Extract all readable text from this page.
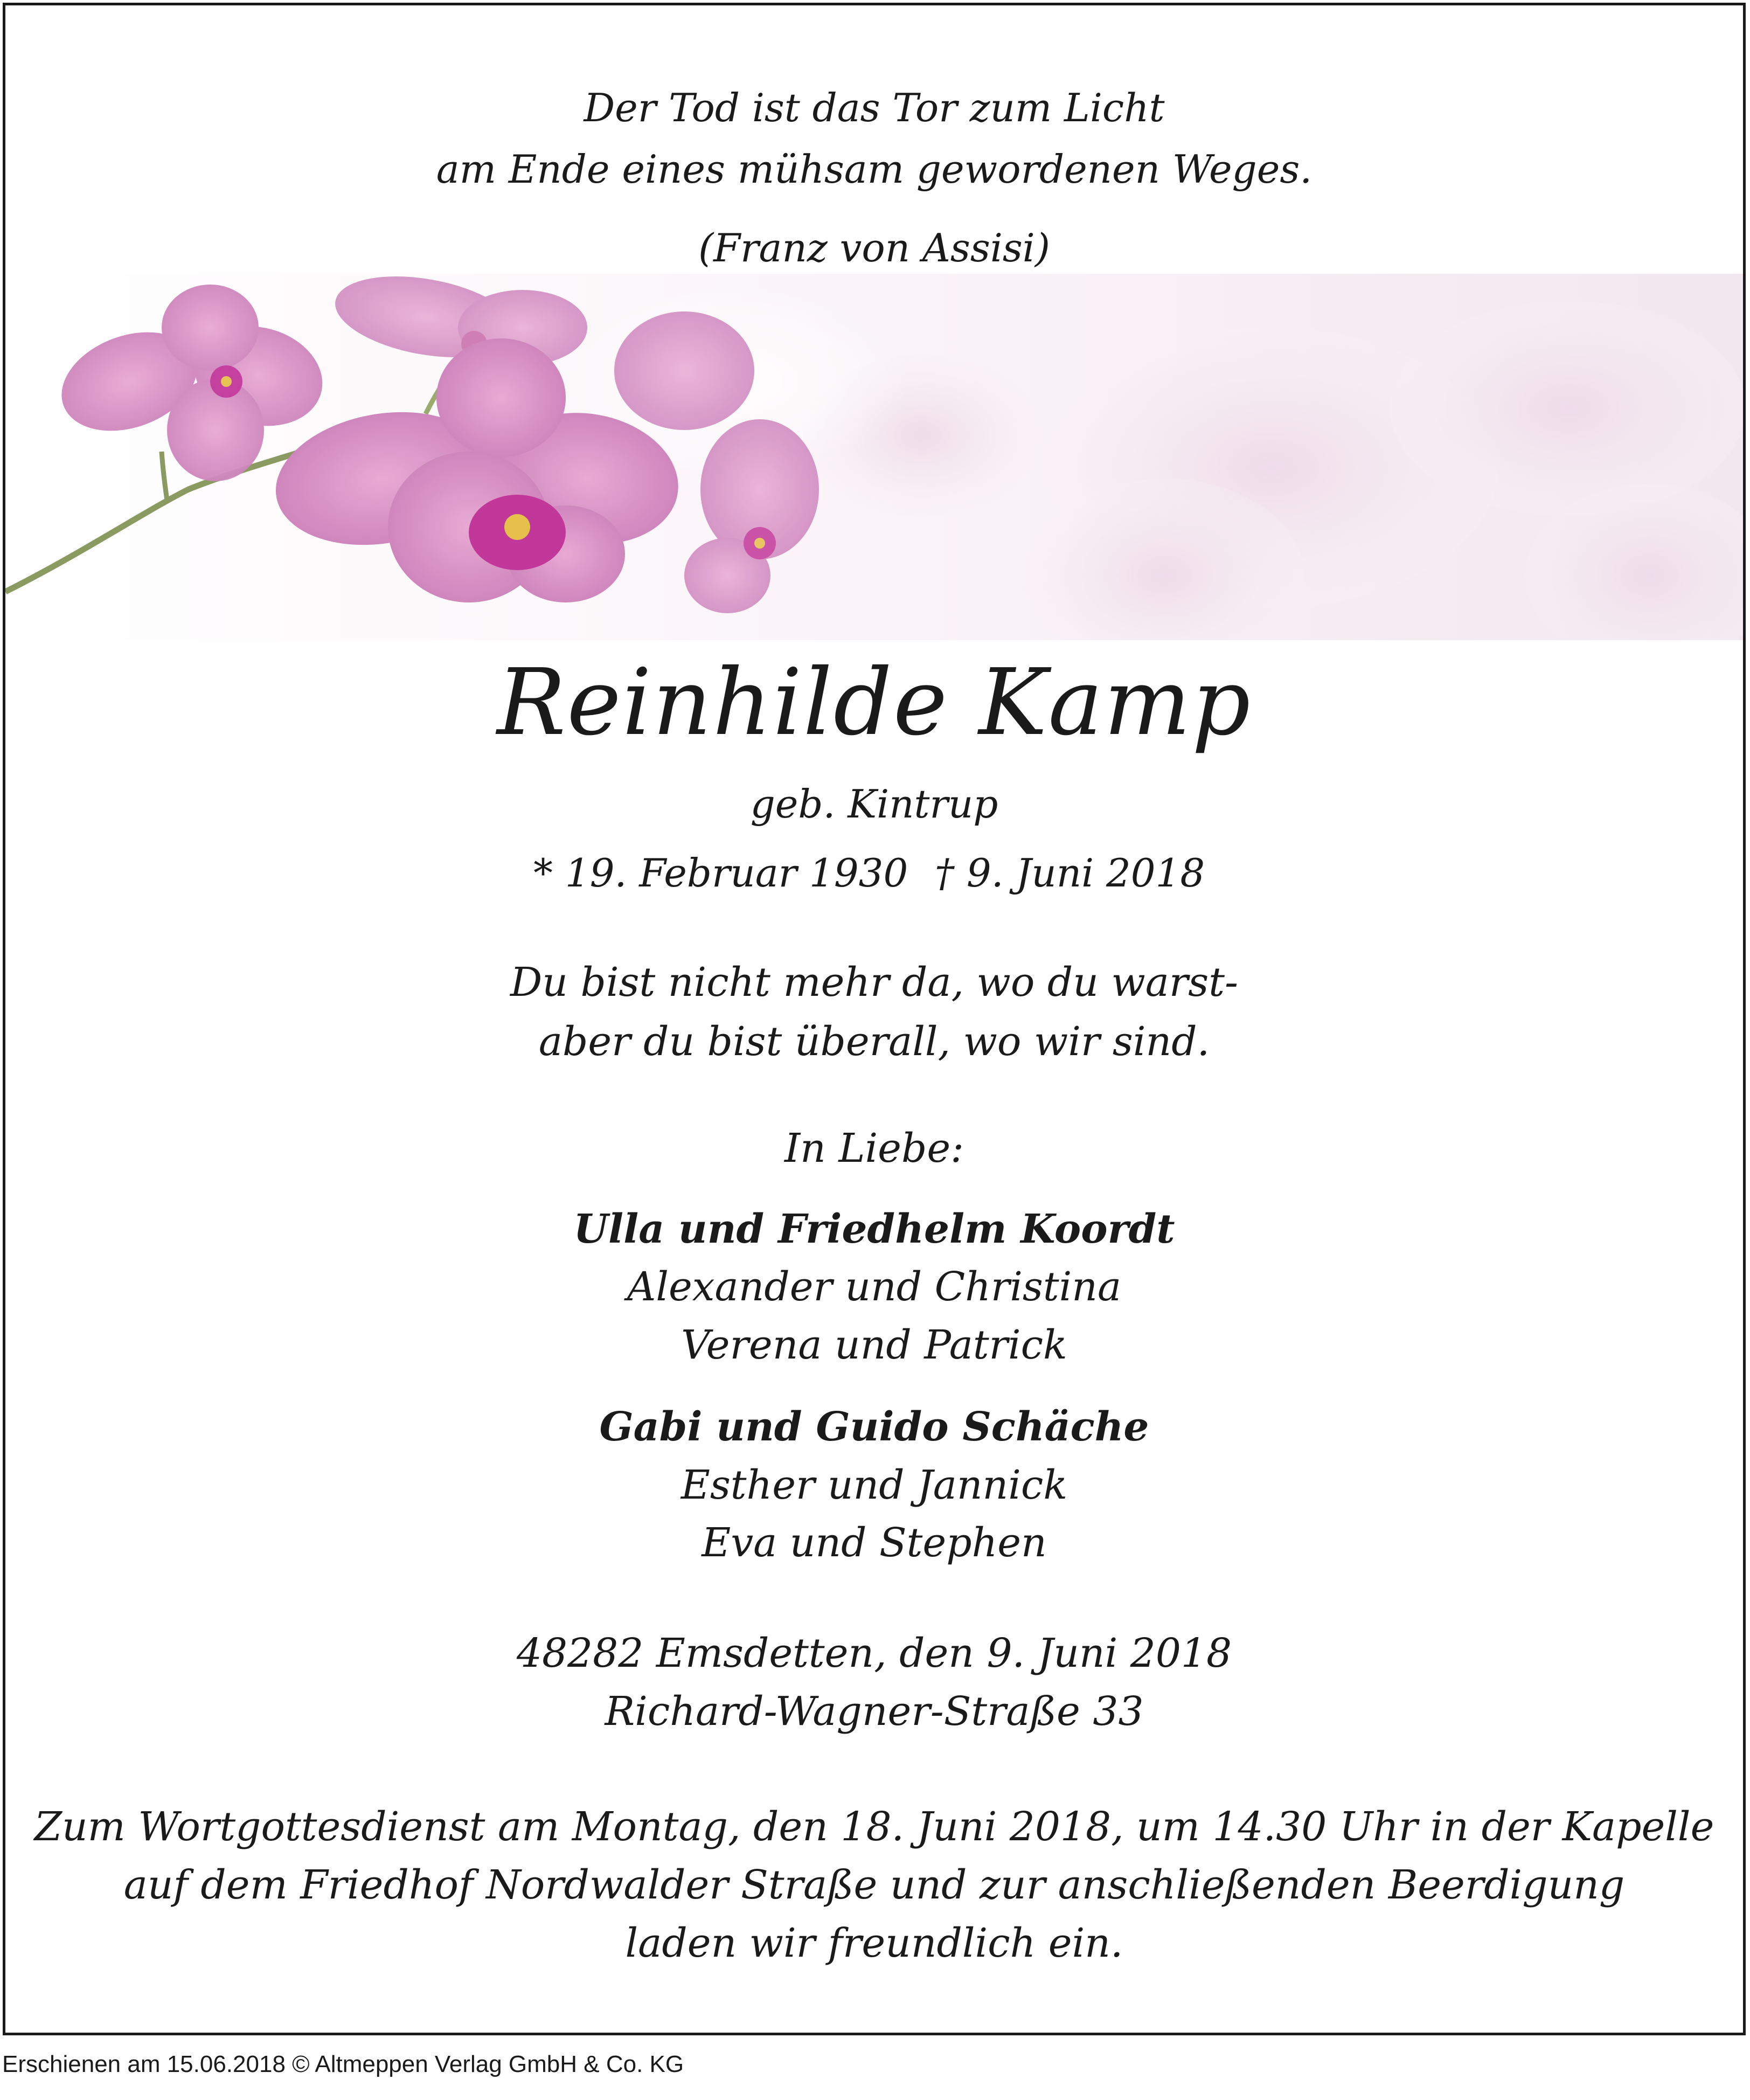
Der Tod ist das Tor zum Licht
am Ende eines mühsam gewordenen Weges.
(Franz von Assisi)
Reinhilde Kamp
geb. Kintrup
* 19. Februar 1930 † 9. Juni 2018
Du bist nicht mehr da, wo du warst-
aber du bist überall, wo wir sind.
In Liebe:
Ulla und Friedhelm Koordt
Alexander und Christina
Verena und Patrick
Gabi und Guido Schäche
Esther und Jannick
Eva und Stephen
48282 Emsdetten, den 9. Juni 2018
Richard-Wagner-Straße 33
Zum Wortgottesdienst am Montag, den 18. Juni 2018, um 14.30 Uhr in der Kapelle
auf dem Friedhof Nordwalder Straße und zur anschließenden Beerdigung
laden wir freundlich ein.
Erschienen am 15.06.2018 © Altmeppen Verlag GmbH & Co. KG
